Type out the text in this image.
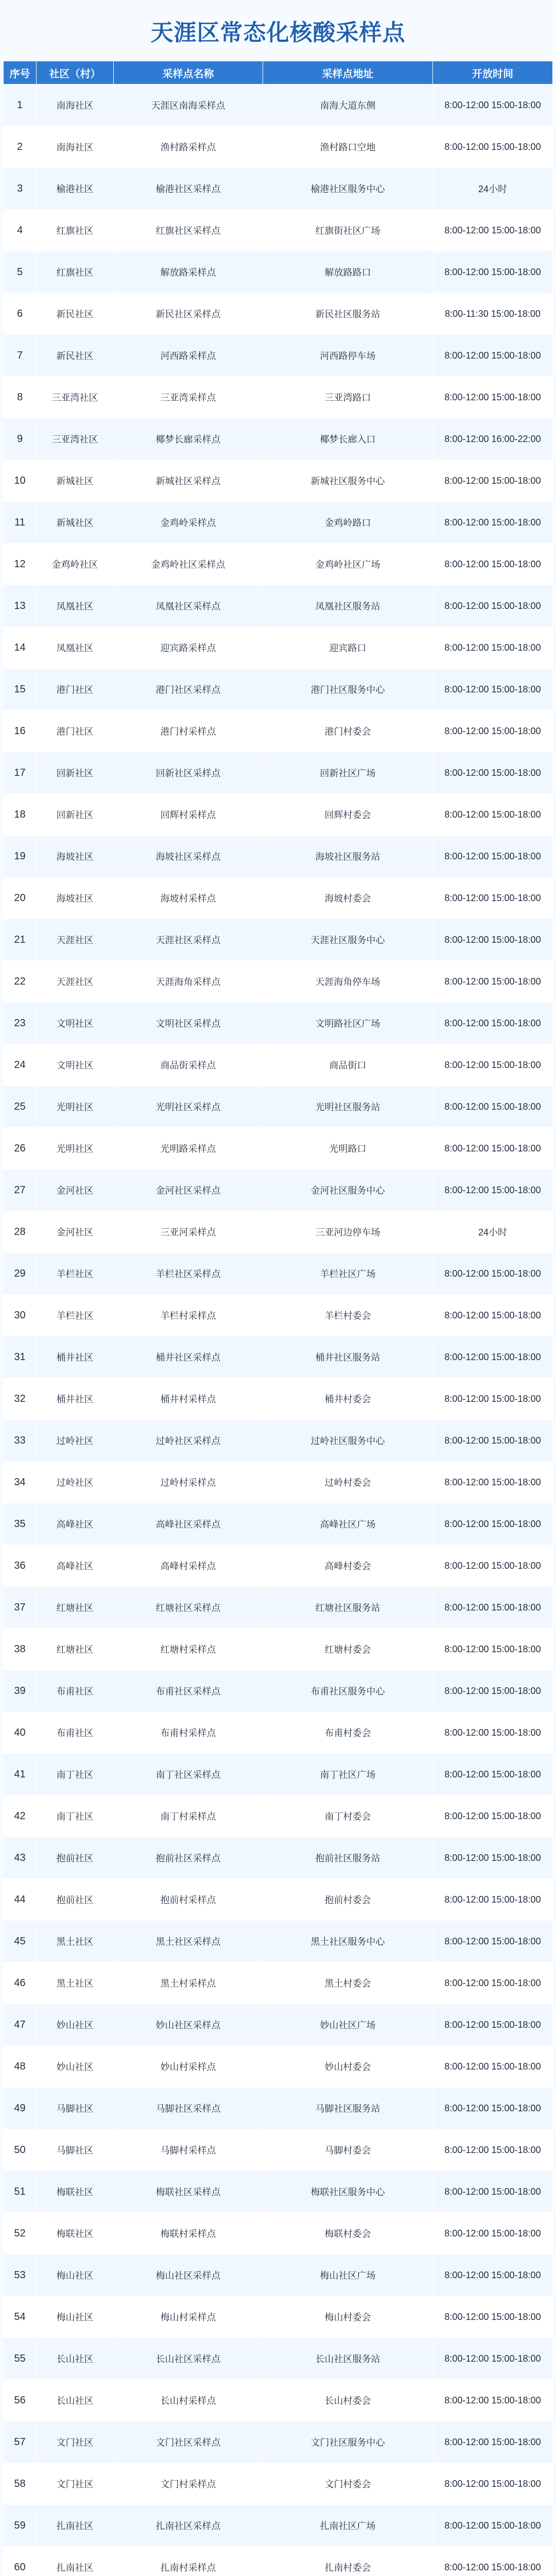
天涯区常态化核酸采样点
序号	社区（村）	采样点名称	采样点地址	开放时间
1	南海社区	天涯区南海采样点	南海大道东侧	8:00-12:00 15:00-18:00
2	南海社区	渔村路采样点	渔村路口空地	8:00-12:00 15:00-18:00
3	榆港社区	榆港社区采样点	榆港社区服务中心	24小时
4	红旗社区	红旗社区采样点	红旗街社区广场	8:00-12:00 15:00-18:00
5	红旗社区	解放路采样点	解放路路口	8:00-12:00 15:00-18:00
6	新民社区	新民社区采样点	新民社区服务站	8:00-11:30 15:00-18:00
7	新民社区	河西路采样点	河西路停车场	8:00-12:00 15:00-18:00
8	三亚湾社区	三亚湾采样点	三亚湾路口	8:00-12:00 15:00-18:00
9	三亚湾社区	椰梦长廊采样点	椰梦长廊入口	8:00-12:00 16:00-22:00
10	新城社区	新城社区采样点	新城社区服务中心	8:00-12:00 15:00-18:00
11	新城社区	金鸡岭采样点	金鸡岭路口	8:00-12:00 15:00-18:00
12	金鸡岭社区	金鸡岭社区采样点	金鸡岭社区广场	8:00-12:00 15:00-18:00
13	凤凰社区	凤凰社区采样点	凤凰社区服务站	8:00-12:00 15:00-18:00
14	凤凰社区	迎宾路采样点	迎宾路口	8:00-12:00 15:00-18:00
15	港门社区	港门社区采样点	港门社区服务中心	8:00-12:00 15:00-18:00
16	港门社区	港门村采样点	港门村委会	8:00-12:00 15:00-18:00
17	回新社区	回新社区采样点	回新社区广场	8:00-12:00 15:00-18:00
18	回新社区	回辉村采样点	回辉村委会	8:00-12:00 15:00-18:00
19	海坡社区	海坡社区采样点	海坡社区服务站	8:00-12:00 15:00-18:00
20	海坡社区	海坡村采样点	海坡村委会	8:00-12:00 15:00-18:00
21	天涯社区	天涯社区采样点	天涯社区服务中心	8:00-12:00 15:00-18:00
22	天涯社区	天涯海角采样点	天涯海角停车场	8:00-12:00 15:00-18:00
23	文明社区	文明社区采样点	文明路社区广场	8:00-12:00 15:00-18:00
24	文明社区	商品街采样点	商品街口	8:00-12:00 15:00-18:00
25	光明社区	光明社区采样点	光明社区服务站	8:00-12:00 15:00-18:00
26	光明社区	光明路采样点	光明路口	8:00-12:00 15:00-18:00
27	金河社区	金河社区采样点	金河社区服务中心	8:00-12:00 15:00-18:00
28	金河社区	三亚河采样点	三亚河边停车场	24小时
29	羊栏社区	羊栏社区采样点	羊栏社区广场	8:00-12:00 15:00-18:00
30	羊栏社区	羊栏村采样点	羊栏村委会	8:00-12:00 15:00-18:00
31	桶井社区	桶井社区采样点	桶井社区服务站	8:00-12:00 15:00-18:00
32	桶井社区	桶井村采样点	桶井村委会	8:00-12:00 15:00-18:00
33	过岭社区	过岭社区采样点	过岭社区服务中心	8:00-12:00 15:00-18:00
34	过岭社区	过岭村采样点	过岭村委会	8:00-12:00 15:00-18:00
35	高峰社区	高峰社区采样点	高峰社区广场	8:00-12:00 15:00-18:00
36	高峰社区	高峰村采样点	高峰村委会	8:00-12:00 15:00-18:00
37	红塘社区	红塘社区采样点	红塘社区服务站	8:00-12:00 15:00-18:00
38	红塘社区	红塘村采样点	红塘村委会	8:00-12:00 15:00-18:00
39	布甫社区	布甫社区采样点	布甫社区服务中心	8:00-12:00 15:00-18:00
40	布甫社区	布甫村采样点	布甫村委会	8:00-12:00 15:00-18:00
41	南丁社区	南丁社区采样点	南丁社区广场	8:00-12:00 15:00-18:00
42	南丁社区	南丁村采样点	南丁村委会	8:00-12:00 15:00-18:00
43	抱前社区	抱前社区采样点	抱前社区服务站	8:00-12:00 15:00-18:00
44	抱前社区	抱前村采样点	抱前村委会	8:00-12:00 15:00-18:00
45	黑土社区	黑土社区采样点	黑土社区服务中心	8:00-12:00 15:00-18:00
46	黑土社区	黑土村采样点	黑土村委会	8:00-12:00 15:00-18:00
47	妙山社区	妙山社区采样点	妙山社区广场	8:00-12:00 15:00-18:00
48	妙山社区	妙山村采样点	妙山村委会	8:00-12:00 15:00-18:00
49	马脚社区	马脚社区采样点	马脚社区服务站	8:00-12:00 15:00-18:00
50	马脚社区	马脚村采样点	马脚村委会	8:00-12:00 15:00-18:00
51	梅联社区	梅联社区采样点	梅联社区服务中心	8:00-12:00 15:00-18:00
52	梅联社区	梅联村采样点	梅联村委会	8:00-12:00 15:00-18:00
53	梅山社区	梅山社区采样点	梅山社区广场	8:00-12:00 15:00-18:00
54	梅山社区	梅山村采样点	梅山村委会	8:00-12:00 15:00-18:00
55	长山社区	长山社区采样点	长山社区服务站	8:00-12:00 15:00-18:00
56	长山社区	长山村采样点	长山村委会	8:00-12:00 15:00-18:00
57	文门社区	文门社区采样点	文门社区服务中心	8:00-12:00 15:00-18:00
58	文门社区	文门村采样点	文门村委会	8:00-12:00 15:00-18:00
59	扎南社区	扎南社区采样点	扎南社区广场	8:00-12:00 15:00-18:00
60	扎南社区	扎南村采样点	扎南村委会	8:00-12:00 15:00-18:00
